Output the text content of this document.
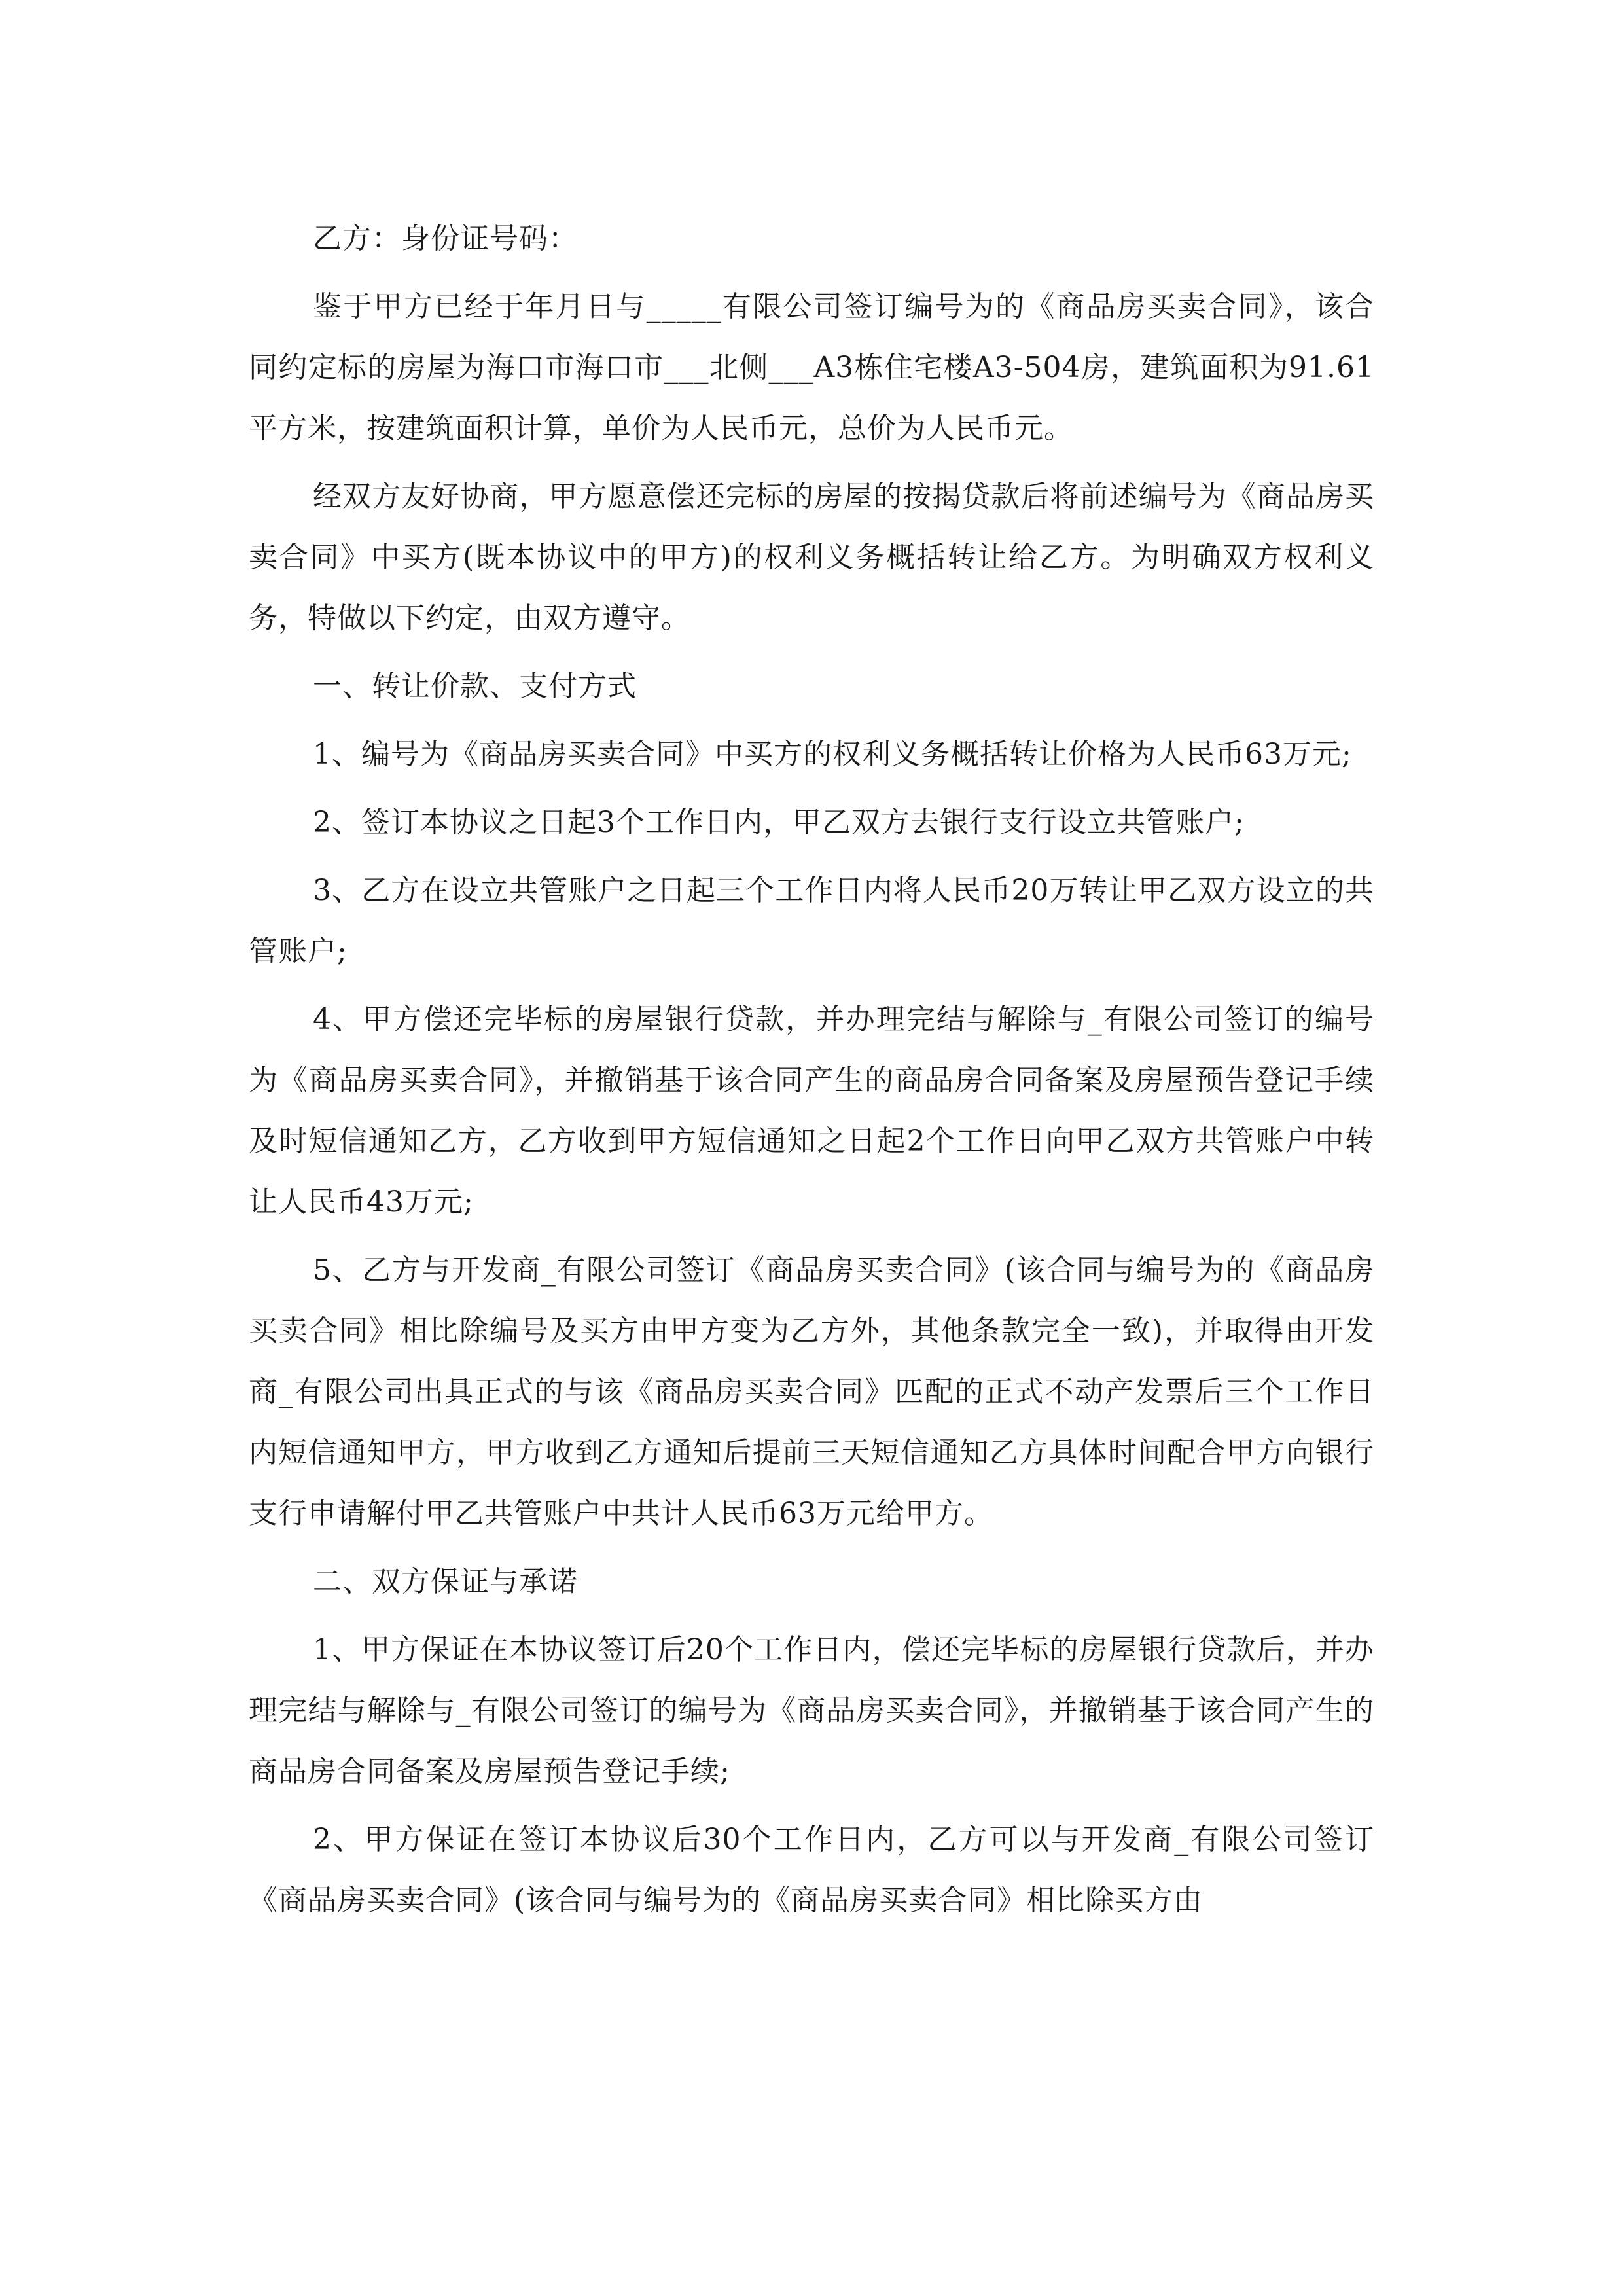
乙方：身份证号码：

鉴于甲方已经于年月日与_____有限公司签订编号为的《商品房买卖合同》，该合同约定标的房屋为海口市海口市___北侧___A3栋住宅楼A3-504房，建筑面积为91.61平方米，按建筑面积计算，单价为人民币元，总价为人民币元。

经双方友好协商，甲方愿意偿还完标的房屋的按揭贷款后将前述编号为《商品房买卖合同》中买方(既本协议中的甲方)的权利义务概括转让给乙方。为明确双方权利义务，特做以下约定，由双方遵守。

一、转让价款、支付方式

1、编号为《商品房买卖合同》中买方的权利义务概括转让价格为人民币63万元;

2、签订本协议之日起3个工作日内，甲乙双方去银行支行设立共管账户;

3、乙方在设立共管账户之日起三个工作日内将人民币20万转让甲乙双方设立的共管账户;

4、甲方偿还完毕标的房屋银行贷款，并办理完结与解除与_有限公司签订的编号为《商品房买卖合同》，并撤销基于该合同产生的商品房合同备案及房屋预告登记手续及时短信通知乙方，乙方收到甲方短信通知之日起2个工作日向甲乙双方共管账户中转让人民币43万元;

5、乙方与开发商_有限公司签订《商品房买卖合同》(该合同与编号为的《商品房买卖合同》相比除编号及买方由甲方变为乙方外，其他条款完全一致)，并取得由开发商_有限公司出具正式的与该《商品房买卖合同》匹配的正式不动产发票后三个工作日内短信通知甲方，甲方收到乙方通知后提前三天短信通知乙方具体时间配合甲方向银行支行申请解付甲乙共管账户中共计人民币63万元给甲方。

二、双方保证与承诺

1、甲方保证在本协议签订后20个工作日内，偿还完毕标的房屋银行贷款后，并办理完结与解除与_有限公司签订的编号为《商品房买卖合同》，并撤销基于该合同产生的商品房合同备案及房屋预告登记手续;

2、甲方保证在签订本协议后30个工作日内，乙方可以与开发商_有限公司签订《商品房买卖合同》(该合同与编号为的《商品房买卖合同》相比除买方由
